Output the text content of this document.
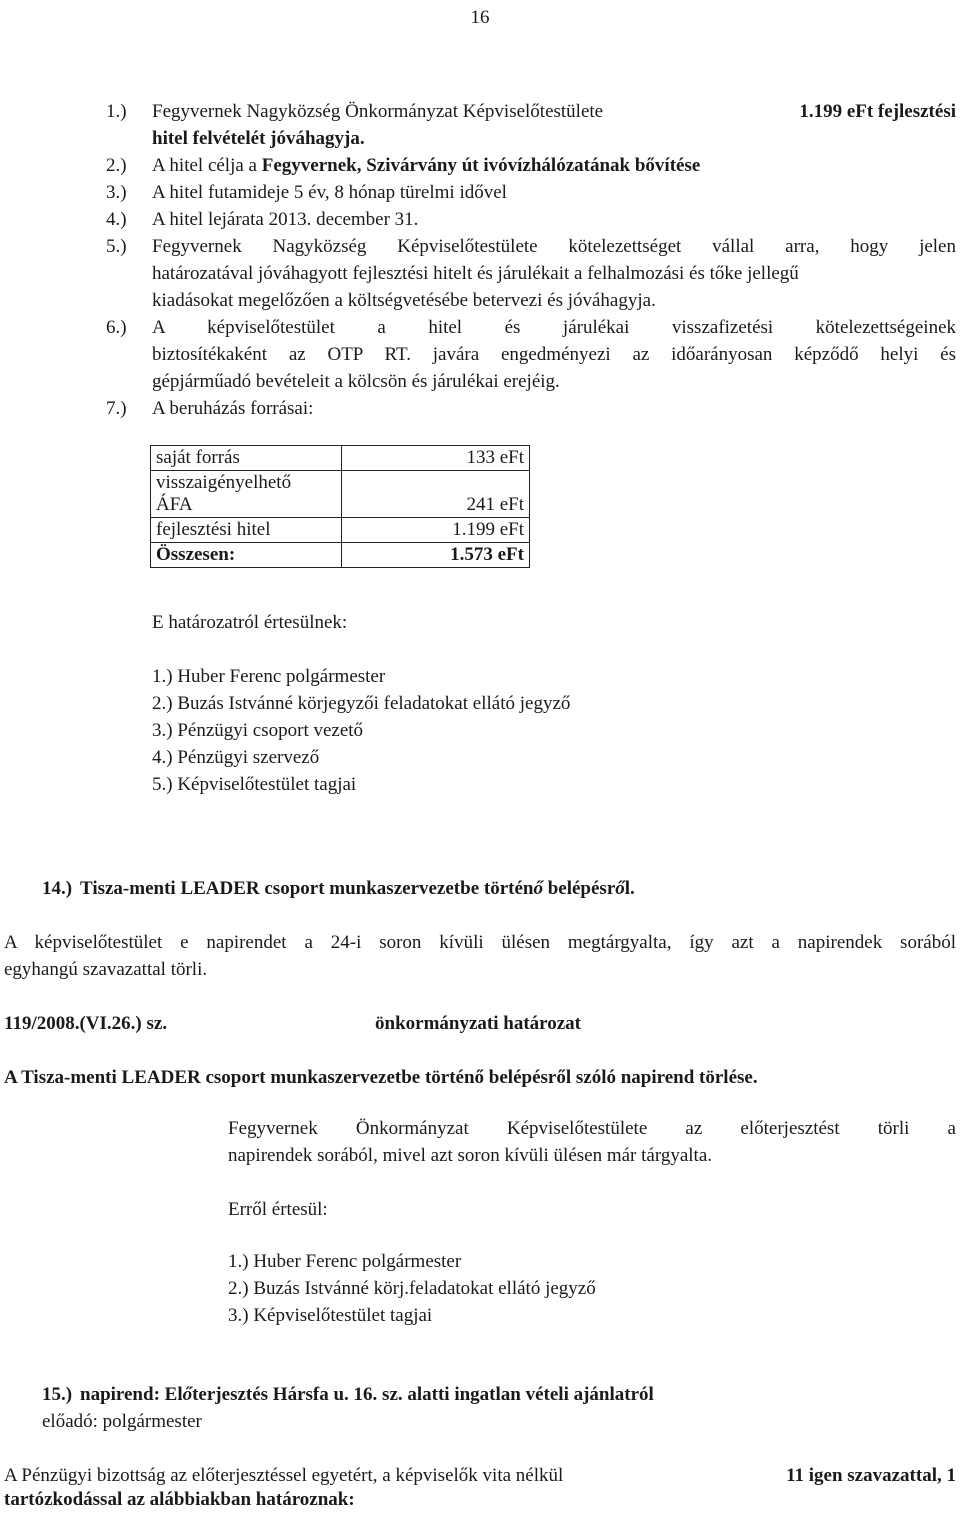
16
1.) Fegyvernek Nagyközség Önkormányzat Képviselőtestülete	1.199 eFt fejlesztési
hitel felvételét jóváhagyja.
2.) A hitel célja a Fegyvernek, Szivárvány út ivóvízhálózatának bővítése
3.) A hitel futamideje 5 év, 8 hónap türelmi idővel
4.) A hitel lejárata 2013. december 31.
5.) Fegyvernek Nagyközség Képviselőtestülete kötelezettséget vállal arra, hogy jelen
határozatával jóváhagyott fejlesztési hitelt és járulékait a felhalmozási és tőke jellegű
kiadásokat megelőzően a költségvetésébe betervezi és jóváhagyja.
6.) A képviselőtestület a hitel és járulékai visszafizetési kötelezettségeinek
biztosítékaként az OTP RT. javára engedményezi az időarányosan képződő helyi és
gépjárműadó bevételeit a kölcsön és járulékai erejéig.
7.) A beruházás forrásai:
saját forrás	133 eFt
visszaigényelhető
ÁFA	241 eFt
fejlesztési hitel	1.199 eFt
Összesen:	1.573 eFt
E határozatról értesülnek:
1.) Huber Ferenc polgármester
2.) Buzás Istvánné körjegyzői feladatokat ellátó jegyző
3.) Pénzügyi csoport vezető
4.) Pénzügyi szervező
5.) Képviselőtestület tagjai
14.) Tisza-menti LEADER csoport munkaszervezetbe történő belépésről.
A képviselőtestület e napirendet a 24-i soron kívüli ülésen megtárgyalta, így azt a napirendek sorából
egyhangú szavazattal törli.
119/2008.(VI.26.) sz.	önkormányzati határozat
A Tisza-menti LEADER csoport munkaszervezetbe történő belépésről szóló napirend törlése.
Fegyvernek Önkormányzat Képviselőtestülete az előterjesztést törli a
napirendek sorából, mivel azt soron kívüli ülésen már tárgyalta.
Erről értesül:
1.) Huber Ferenc polgármester
2.) Buzás Istvánné körj.feladatokat ellátó jegyző
3.) Képviselőtestület tagjai
15.) napirend: Előterjesztés Hársfa u. 16. sz. alatti ingatlan vételi ajánlatról
előadó: polgármester
A Pénzügyi bizottság az előterjesztéssel egyetért, a képviselők vita nélkül	11 igen szavazattal, 1
tartózkodással az alábbiakban határoznak:
